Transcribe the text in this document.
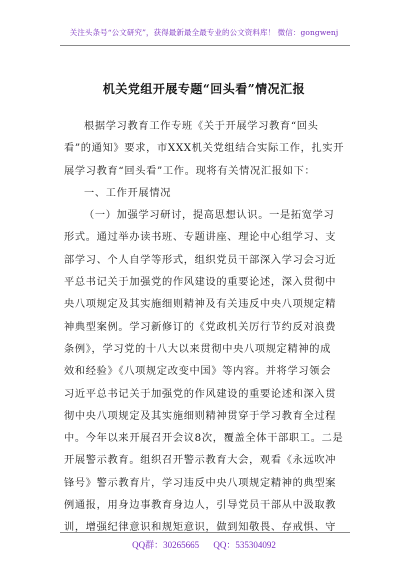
关注头条号“公文研究”，获得最新最全最专业的公文资料库！ 微信：gongwenj
机关党组开展专题“回头看”情况汇报
根据学习教育工作专班《关于开展学习教育“回头
看”的通知》要求，市XXX机关党组结合实际工作，扎实开
展学习教育“回头看”工作。现将有关情况汇报如下：
一、工作开展情况
（一）加强学习研讨，提高思想认识。一是拓宽学习
形式。通过举办读书班、专题讲座、理论中心组学习、支
部学习、个人自学等形式，组织党员干部深入学习会习近
平总书记关于加强党的作风建设的重要论述，深入贯彻中
央八项规定及其实施细则精神及有关违反中央八项规定精
神典型案例。学习新修订的《党政机关厉行节约反对浪费
条例》，学习党的十八大以来贯彻中央八项规定精神的成
效和经验》《八项规定改变中国》等内容。并将学习领会
习近平总书记关于加强党的作风建设的重要论述和深入贯
彻中央八项规定及其实施细则精神贯穿于学习教育全过程
中。今年以来开展召开会议8次，覆盖全体干部职工。二是
开展警示教育。组织召开警示教育大会，观看《永远吹冲
锋号》警示教育片，学习违反中央八项规定精神的典型案
例通报，用身边事教育身边人，引导党员干部从中汲取教
训，增强纪律意识和规矩意识，做到知敬畏、存戒惧、守
QQ群：30265665 QQ：535304092
